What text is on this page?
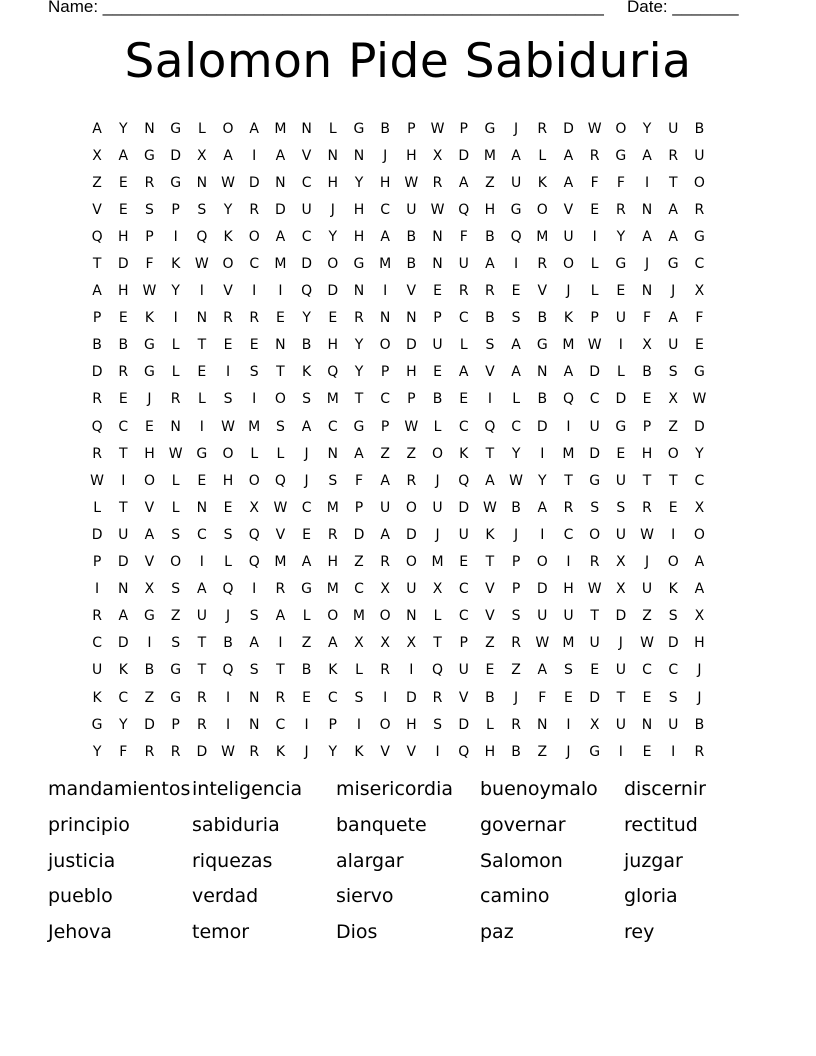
Name: _____________________________________________________ Date: _______
Salomon Pide Sabiduria
A	Y	N	G	L	O	A	M	N	L	G	B	P	W	P	G	J	R	D	W	O	Y	U	B
X	A	G	D	X	A	I	A	V	N	N	J	H	X	D	M	A	L	A	R	G	A	R	U
Z	E	R	G	N	W	D	N	C	H	Y	H	W	R	A	Z	U	K	A	F	F	I	T	O
V	E	S	P	S	Y	R	D	U	J	H	C	U	W	Q	H	G	O	V	E	R	N	A	R
Q	H	P	I	Q	K	O	A	C	Y	H	A	B	N	F	B	Q	M	U	I	Y	A	A	G
T	D	F	K	W	O	C	M	D	O	G	M	B	N	U	A	I	R	O	L	G	J	G	C
A	H	W	Y	I	V	I	I	Q	D	N	I	V	E	R	R	E	V	J	L	E	N	J	X
P	E	K	I	N	R	R	E	Y	E	R	N	N	P	C	B	S	B	K	P	U	F	A	F
B	B	G	L	T	E	E	N	B	H	Y	O	D	U	L	S	A	G	M	W	I	X	U	E
D	R	G	L	E	I	S	T	K	Q	Y	P	H	E	A	V	A	N	A	D	L	B	S	G
R	E	J	R	L	S	I	O	S	M	T	C	P	B	E	I	L	B	Q	C	D	E	X	W
Q	C	E	N	I	W	M	S	A	C	G	P	W	L	C	Q	C	D	I	U	G	P	Z	D
R	T	H	W	G	O	L	L	J	N	A	Z	Z	O	K	T	Y	I	M	D	E	H	O	Y
W	I	O	L	E	H	O	Q	J	S	F	A	R	J	Q	A	W	Y	T	G	U	T	T	C
L	T	V	L	N	E	X	W	C	M	P	U	O	U	D	W	B	A	R	S	S	R	E	X
D	U	A	S	C	S	Q	V	E	R	D	A	D	J	U	K	J	I	C	O	U	W	I	O
P	D	V	O	I	L	Q	M	A	H	Z	R	O	M	E	T	P	O	I	R	X	J	O	A
I	N	X	S	A	Q	I	R	G	M	C	X	U	X	C	V	P	D	H	W	X	U	K	A
R	A	G	Z	U	J	S	A	L	O	M	O	N	L	C	V	S	U	U	T	D	Z	S	X
C	D	I	S	T	B	A	I	Z	A	X	X	X	T	P	Z	R	W	M	U	J	W	D	H
U	K	B	G	T	Q	S	T	B	K	L	R	I	Q	U	E	Z	A	S	E	U	C	C	J
K	C	Z	G	R	I	N	R	E	C	S	I	D	R	V	B	J	F	E	D	T	E	S	J
G	Y	D	P	R	I	N	C	I	P	I	O	H	S	D	L	R	N	I	X	U	N	U	B
Y	F	R	R	D	W	R	K	J	Y	K	V	V	I	Q	H	B	Z	J	G	I	E	I	R
mandamientos inteligencia	misericordia	buenoymalo	discernir
principio	sabiduria	banquete	governar	rectitud
justicia	riquezas	alargar	Salomon	juzgar
pueblo	verdad	siervo	camino	gloria
Jehova	temor	Dios	paz	rey
